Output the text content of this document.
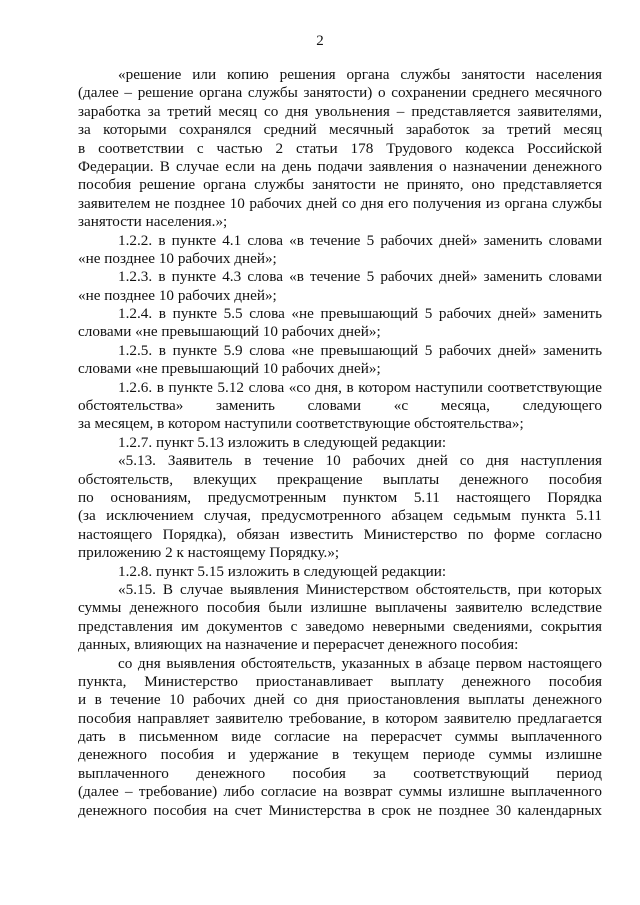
2
«решение или копию решения органа службы занятости населения
(далее – решение органа службы занятости) о сохранении среднего месячного
заработка за третий месяц со дня увольнения – представляется заявителями,
за которыми сохранялся средний месячный заработок за третий месяц
в соответствии с частью 2 статьи 178 Трудового кодекса Российской
Федерации. В случае если на день подачи заявления о назначении денежного
пособия решение органа службы занятости не принято, оно представляется
заявителем не позднее 10 рабочих дней со дня его получения из органа службы
занятости населения.»;
1.2.2. в пункте 4.1 слова «в течение 5 рабочих дней» заменить словами
«не позднее 10 рабочих дней»;
1.2.3. в пункте 4.3 слова «в течение 5 рабочих дней» заменить словами
«не позднее 10 рабочих дней»;
1.2.4. в пункте 5.5 слова «не превышающий 5 рабочих дней» заменить
словами «не превышающий 10 рабочих дней»;
1.2.5. в пункте 5.9 слова «не превышающий 5 рабочих дней» заменить
словами «не превышающий 10 рабочих дней»;
1.2.6. в пункте 5.12 слова «со дня, в котором наступили соответствующие
обстоятельства» заменить словами «с месяца, следующего
за месяцем, в котором наступили соответствующие обстоятельства»;
1.2.7. пункт 5.13 изложить в следующей редакции:
«5.13. Заявитель в течение 10 рабочих дней со дня наступления
обстоятельств, влекущих прекращение выплаты денежного пособия
по основаниям, предусмотренным пунктом 5.11 настоящего Порядка
(за исключением случая, предусмотренного абзацем седьмым пункта 5.11
настоящего Порядка), обязан известить Министерство по форме согласно
приложению 2 к настоящему Порядку.»;
1.2.8. пункт 5.15 изложить в следующей редакции:
«5.15. В случае выявления Министерством обстоятельств, при которых
суммы денежного пособия были излишне выплачены заявителю вследствие
представления им документов с заведомо неверными сведениями, сокрытия
данных, влияющих на назначение и перерасчет денежного пособия:
со дня выявления обстоятельств, указанных в абзаце первом настоящего
пункта, Министерство приостанавливает выплату денежного пособия
и в течение 10 рабочих дней со дня приостановления выплаты денежного
пособия направляет заявителю требование, в котором заявителю предлагается
дать в письменном виде согласие на перерасчет суммы выплаченного
денежного пособия и удержание в текущем периоде суммы излишне
выплаченного денежного пособия за соответствующий период
(далее – требование) либо согласие на возврат суммы излишне выплаченного
денежного пособия на счет Министерства в срок не позднее 30 календарных
